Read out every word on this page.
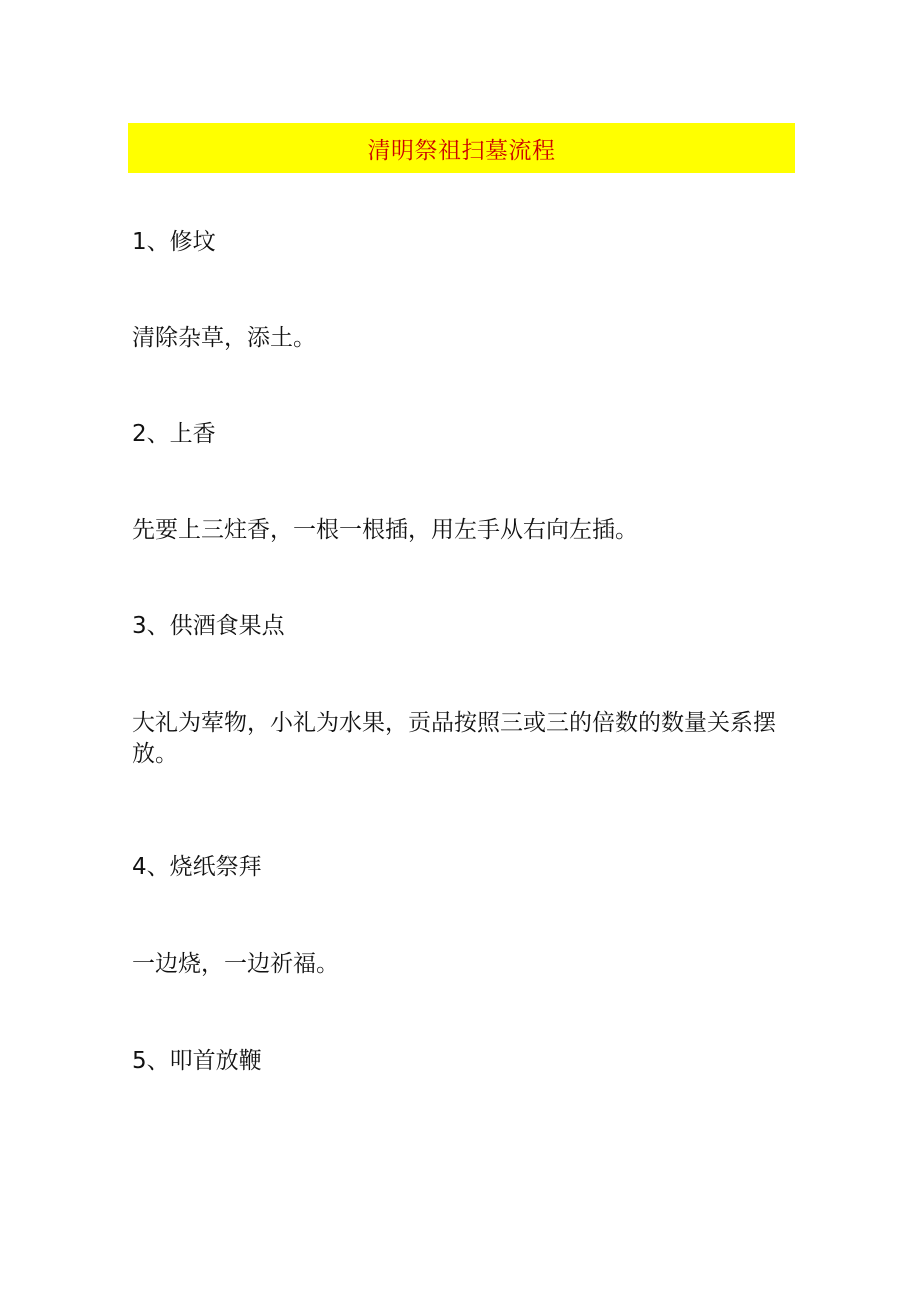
清明祭祖扫墓流程
1、修坟
清除杂草，添土。
2、上香
先要上三炷香，一根一根插，用左手从右向左插。
3、供酒食果点
大礼为荤物，小礼为水果，贡品按照三或三的倍数的数量关系摆放。
4、烧纸祭拜
一边烧，一边祈福。
5、叩首放鞭
